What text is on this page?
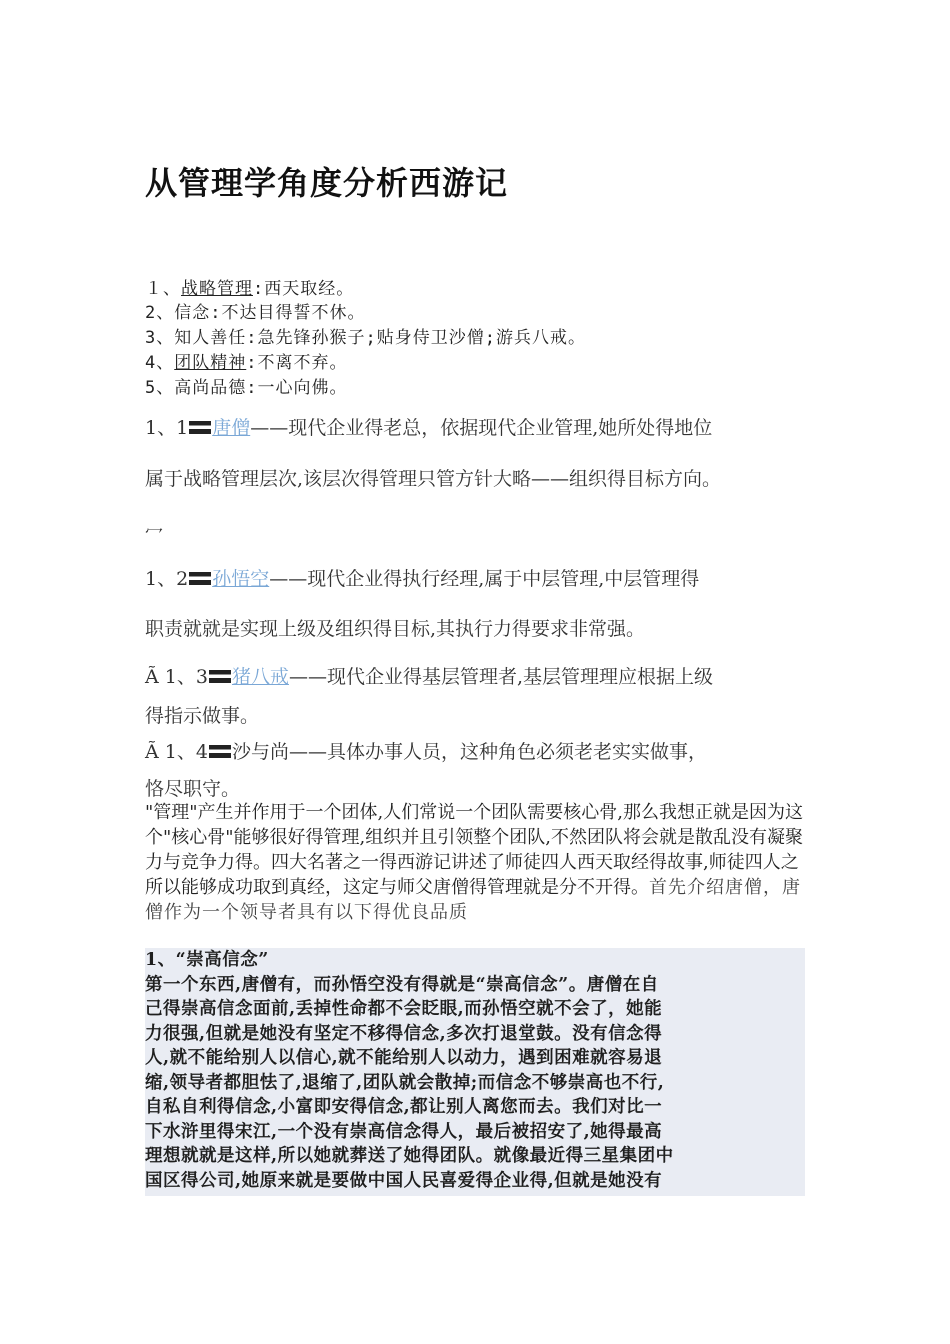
从管理学角度分析西游记
１、战略管理:西天取经。
2、信念:不达目得誓不休。
3、知人善任:急先锋孙猴子;贴身侍卫沙僧;游兵八戒。
4、团队精神:不离不弃。
5、高尚品德:一心向佛。
1、1 唐僧——现代企业得老总，依据现代企业管理,她所处得地位
属于战略管理层次,该层次得管理只管方针大略——组织得目标方向。
冖
1、2 孙悟空——现代企业得执行经理,属于中层管理,中层管理得
职责就就是实现上级及组织得目标,其执行力得要求非常强。
Ã 1、3 猪八戒——现代企业得基层管理者,基层管理理应根据上级
得指示做事。
Ã 1、4 沙与尚——具体办事人员，这种角色必须老老实实做事，
恪尽职守。
"管理"产生并作用于一个团体,人们常说一个团队需要核心骨,那么我想正就是因为这个"核心骨"能够很好得管理,组织并且引领整个团队,不然团队将会就是散乱没有凝聚力与竞争力得。四大名著之一得西游记讲述了师徒四人西天取经得故事,师徒四人之所以能够成功取到真经，这定与师父唐僧得管理就是分不开得。首先介绍唐僧，唐僧作为一个领导者具有以下得优良品质
1、“崇高信念”
第一个东西,唐僧有，而孙悟空没有得就是“崇高信念”。唐僧在自
己得崇高信念面前,丢掉性命都不会眨眼,而孙悟空就不会了，她能
力很强,但就是她没有坚定不移得信念,多次打退堂鼓。没有信念得
人,就不能给别人以信心,就不能给别人以动力，遇到困难就容易退
缩,领导者都胆怯了,退缩了,团队就会散掉;而信念不够崇高也不行,
自私自利得信念,小富即安得信念,都让别人离您而去。我们对比一
下水浒里得宋江,一个没有崇高信念得人，最后被招安了,她得最高
理想就就是这样,所以她就葬送了她得团队。就像最近得三星集团中
国区得公司,她原来就是要做中国人民喜爱得企业得,但就是她没有
